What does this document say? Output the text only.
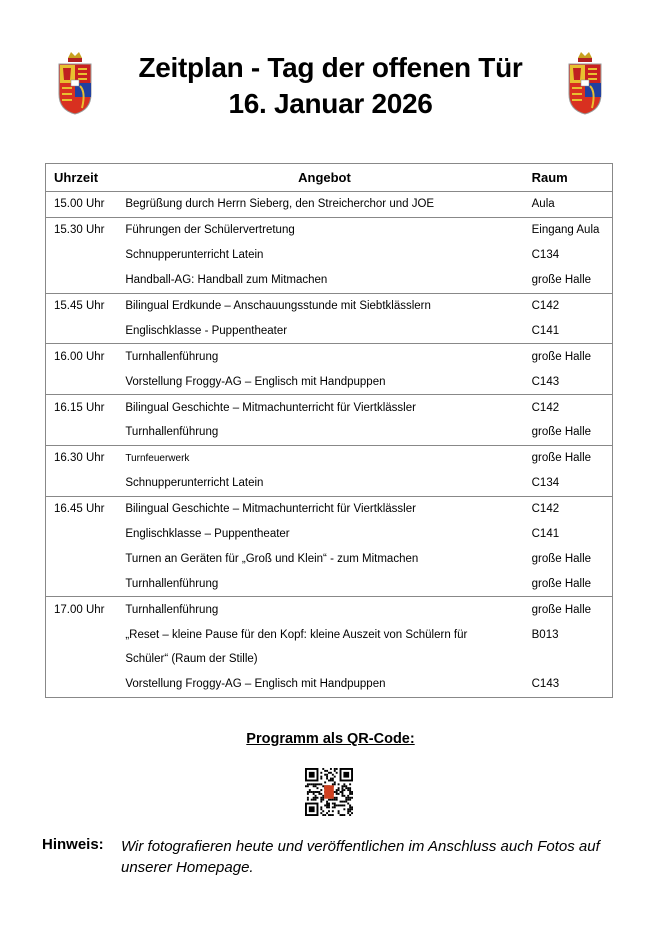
Zeitplan - Tag der offenen Tür
16. Januar 2026
Uhrzeit	Angebot	Raum
15.00 Uhr	Begrüßung durch Herrn Sieberg, den Streicherchor und JOE	Aula
15.30 Uhr	Führungen der Schülervertretung	Eingang Aula
	Schnupperunterricht Latein	C134
	Handball-AG: Handball zum Mitmachen	große Halle
15.45 Uhr	Bilingual Erdkunde – Anschauungsstunde mit Siebtklässlern	C142
	Englischklasse - Puppentheater	C141
16.00 Uhr	Turnhallenführung	große Halle
	Vorstellung Froggy-AG – Englisch mit Handpuppen	C143
16.15 Uhr	Bilingual Geschichte – Mitmachunterricht für Viertklässler	C142
	Turnhallenführung	große Halle
16.30 Uhr	Turnfeuerwerk	große Halle
	Schnupperunterricht Latein	C134
16.45 Uhr	Bilingual Geschichte – Mitmachunterricht für Viertklässler	C142
	Englischklasse – Puppentheater	C141
	Turnen an Geräten für „Groß und Klein“ - zum Mitmachen	große Halle
	Turnhallenführung	große Halle
17.00 Uhr	Turnhallenführung	große Halle
	„Reset – kleine Pause für den Kopf: kleine Auszeit von Schülern für	B013
	Schüler“ (Raum der Stille)	
	Vorstellung Froggy-AG – Englisch mit Handpuppen	C143
Programm als QR-Code:
Hinweis: Wir fotografieren heute und veröffentlichen im Anschluss auch Fotos auf unserer Homepage.
